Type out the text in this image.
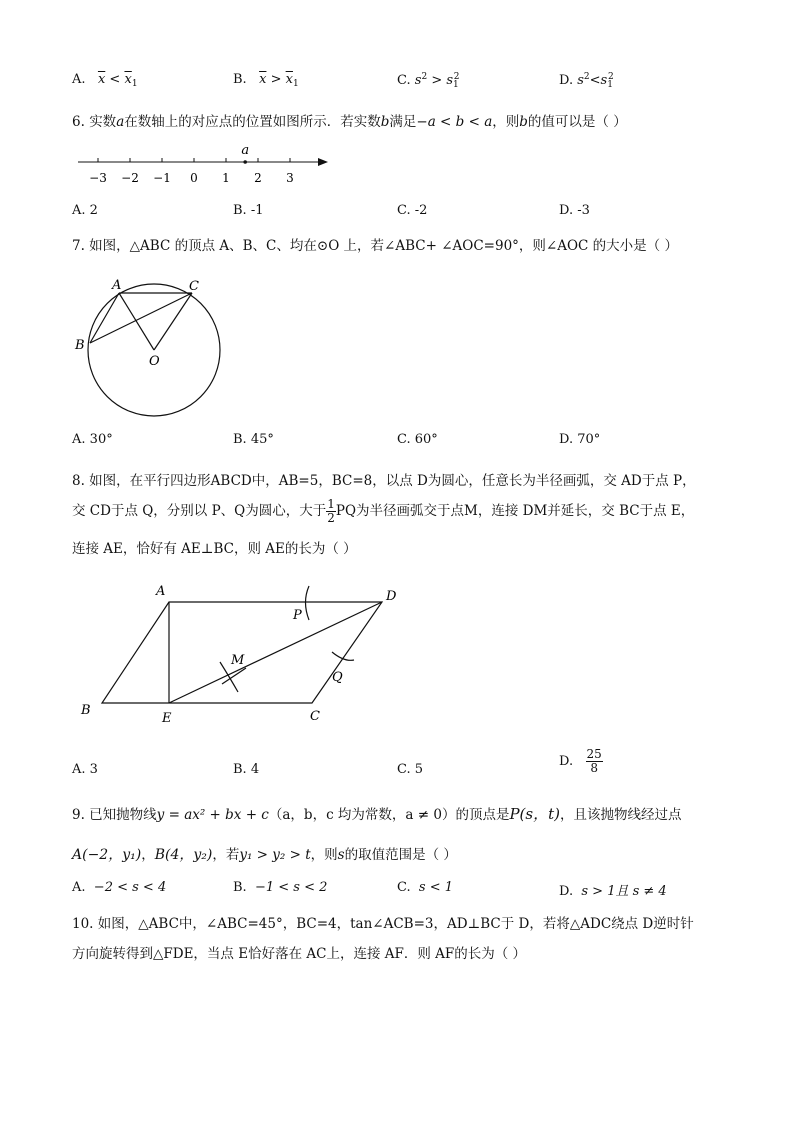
A. $\overline{x} < \overline{x}_1$	B. $\overline{x} > \overline{x}_1$	C. $s^2 > s_1^2$	D. $s^2<s_1^2$
6. 实数a在数轴上的对应点的位置如图所示．若实数b满足−a < b < a，则b的值可以是（ ）
−3 −2 −1 0 1 2 3
a
A. 2	B. -1	C. -2	D. -3
7. 如图，△ABC 的顶点 A、B、C、均在⊙O 上，若∠ABC+ ∠AOC=90°，则∠AOC 的大小是（ ）
A	C
B
O
A. 30°	B. 45°	C. 60°	D. 70°
8. 如图，在平行四边形ABCD中，AB=5，BC=8，以点 D为圆心，任意长为半径画弧，交 AD于点 P，
交 CD于点 Q，分别以 P、Q为圆心，大于 $\frac{1}{2}$ PQ为半径画弧交于点M，连接 DM并延长，交 BC于点 E，
连接 AE，恰好有 AE⊥BC，则 AE的长为（ ）
A	D
B
E	C
P
M
Q
A. 3	B. 4	C. 5
D. $\frac{25}{8}$
9. 已知抛物线y = ax² + bx + c（a，b，c 均为常数，a ≠ 0）的顶点是P(s，t)，且该抛物线经过点
A(−2，y₁)，B(4，y₂)，若y₁ > y₂ > t，则s的取值范围是（ ）
A. −2 < s < 4	B. −1 < s < 2	C. s < 1	D. s > 1且 s ≠ 4
10. 如图，△ABC中，∠ABC=45°，BC=4，tan∠ACB=3，AD⊥BC于 D，若将△ADC绕点 D逆时针
方向旋转得到△FDE，当点 E恰好落在 AC上，连接 AF．则 AF的长为（ ）
